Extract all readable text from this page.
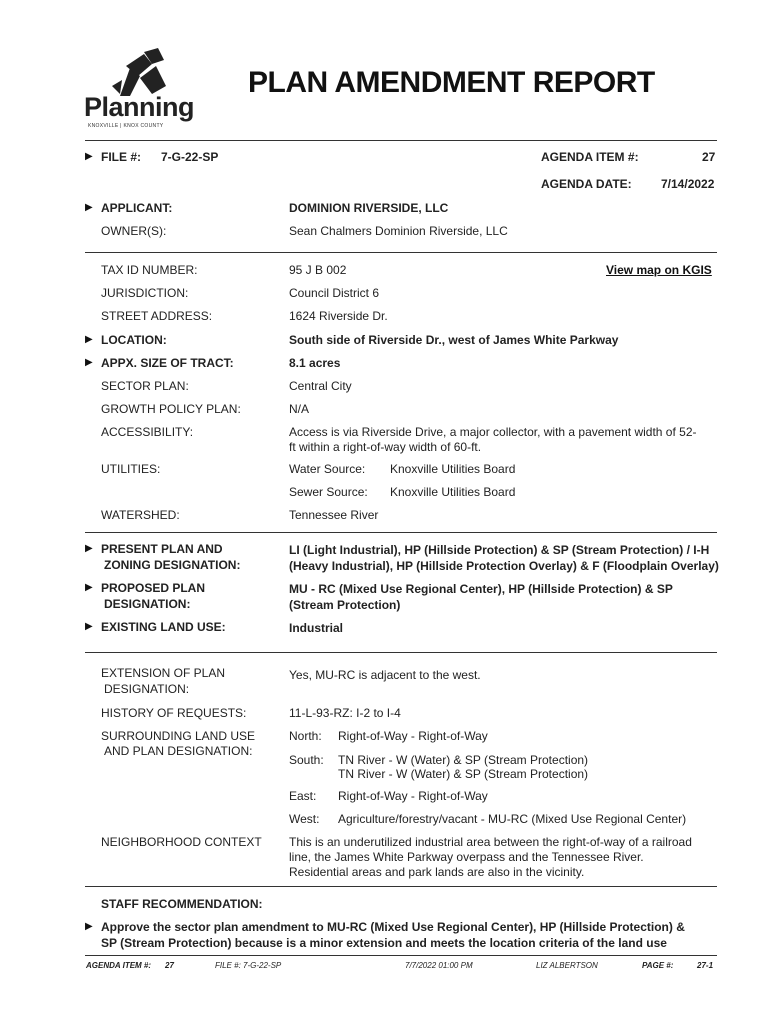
Planning
KNOXVILLE | KNOX COUNTY
PLAN AMENDMENT REPORT
▶ FILE #: 7-G-22-SP	AGENDA ITEM #:	27
AGENDA DATE: 7/14/2022
▶ APPLICANT:	DOMINION RIVERSIDE, LLC
OWNER(S):	Sean Chalmers Dominion Riverside, LLC
TAX ID NUMBER:	95 J B 002	View map on KGIS
JURISDICTION:	Council District 6
STREET ADDRESS:	1624 Riverside Dr.
▶ LOCATION:	South side of Riverside Dr., west of James White Parkway
▶ APPX. SIZE OF TRACT:	8.1 acres
SECTOR PLAN:	Central City
GROWTH POLICY PLAN:	N/A
ACCESSIBILITY:	Access is via Riverside Drive, a major collector, with a pavement width of 52-
ft within a right-of-way width of 60-ft.
UTILITIES:	Water Source: Knoxville Utilities Board
Sewer Source: Knoxville Utilities Board
WATERSHED:	Tennessee River
▶ PRESENT PLAN AND
ZONING DESIGNATION:
LI (Light Industrial), HP (Hillside Protection) & SP (Stream Protection) / I-H
(Heavy Industrial), HP (Hillside Protection Overlay) & F (Floodplain Overlay)
▶ PROPOSED PLAN
DESIGNATION:
MU - RC (Mixed Use Regional Center), HP (Hillside Protection) & SP
(Stream Protection)
▶ EXISTING LAND USE:	Industrial
EXTENSION OF PLAN
DESIGNATION:
Yes, MU-RC is adjacent to the west.
HISTORY OF REQUESTS:	11-L-93-RZ: I-2 to I-4
SURROUNDING LAND USE
AND PLAN DESIGNATION:
North: Right-of-Way - Right-of-Way
South: TN River - W (Water) & SP (Stream Protection)
TN River - W (Water) & SP (Stream Protection)
East: Right-of-Way - Right-of-Way
West: Agriculture/forestry/vacant - MU-RC (Mixed Use Regional Center)
NEIGHBORHOOD CONTEXT This is an underutilized industrial area between the right-of-way of a railroad
line, the James White Parkway overpass and the Tennessee River.
Residential areas and park lands are also in the vicinity.
STAFF RECOMMENDATION:
▶ Approve the sector plan amendment to MU-RC (Mixed Use Regional Center), HP (Hillside Protection) &
SP (Stream Protection) because is a minor extension and meets the location criteria of the land use
AGENDA ITEM #: 27	FILE #: 7-G-22-SP	7/7/2022 01:00 PM	LIZ ALBERTSON	PAGE #:	27-1
